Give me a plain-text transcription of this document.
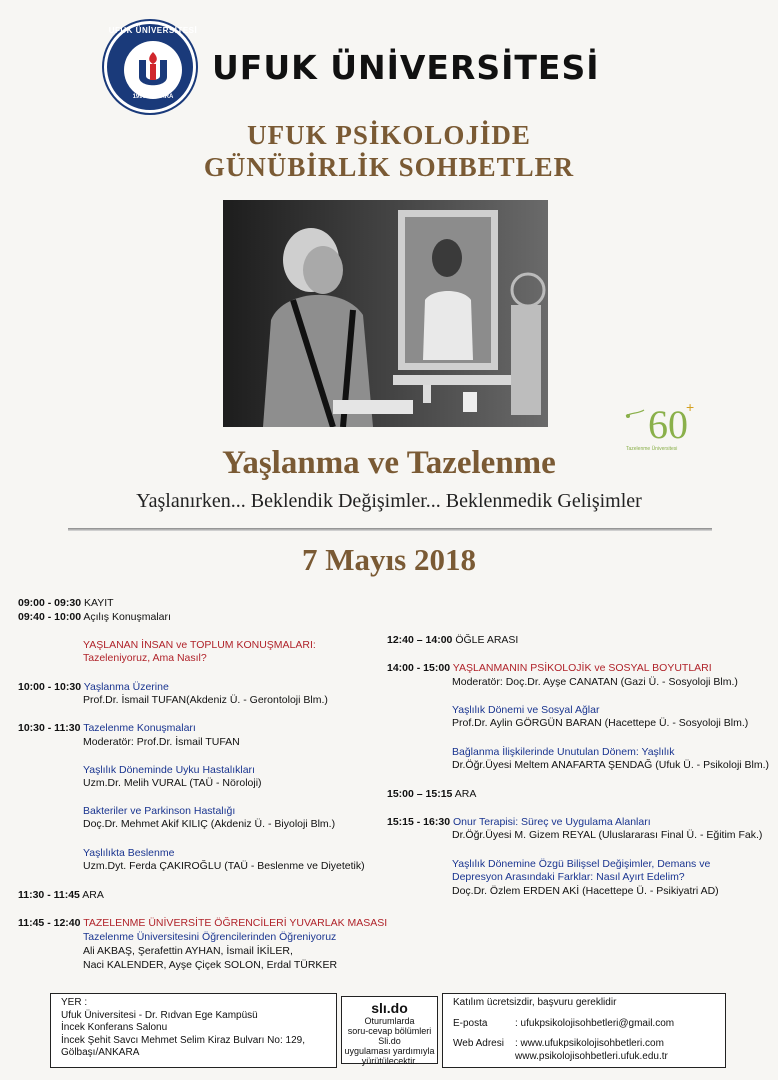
UFUK ÜNİVERSİTESİ
1999 ANKARA
UFUK ÜNİVERSİTESİ
UFUK PSİKOLOJİDE
GÜNÜBİRLİK SOHBETLER
60
+
Tazelenme Üniversitesi
Yaşlanma ve Tazelenme
Yaşlanırken... Beklendik Değişimler... Beklenmedik Gelişimler
7 Mayıs 2018
09:00 - 09:30 KAYIT
09:40 - 10:00 Açılış Konuşmaları
YAŞLANAN İNSAN ve TOPLUM KONUŞMALARI:
Tazeleniyoruz, Ama Nasıl?
10:00 - 10:30 Yaşlanma Üzerine
Prof.Dr. İsmail TUFAN(Akdeniz Ü. - Gerontoloji Blm.)
10:30 - 11:30 Tazelenme Konuşmaları
Moderatör: Prof.Dr. İsmail TUFAN
Yaşlılık Döneminde Uyku Hastalıkları
Uzm.Dr. Melih VURAL (TAÜ - Nöroloji)
Bakteriler ve Parkinson Hastalığı
Doç.Dr. Mehmet Akif KILIÇ (Akdeniz Ü. - Biyoloji Blm.)
Yaşlılıkta Beslenme
Uzm.Dyt. Ferda ÇAKIROĞLU (TAÜ - Beslenme ve Diyetetik)
11:30 - 11:45 ARA
11:45 - 12:40 TAZELENME ÜNİVERSİTE ÖĞRENCİLERİ YUVARLAK MASASI
Tazelenme Üniversitesini Öğrencilerinden Öğreniyoruz
Ali AKBAŞ, Şerafettin AYHAN, İsmail İKİLER,
Naci KALENDER, Ayşe Çiçek SOLON, Erdal TÜRKER
12:40 – 14:00 ÖĞLE ARASI
14:00 - 15:00 YAŞLANMANIN PSİKOLOJİK ve SOSYAL BOYUTLARI
Moderatör: Doç.Dr. Ayşe CANATAN (Gazi Ü. - Sosyoloji Blm.)
Yaşlılık Dönemi ve Sosyal Ağlar
Prof.Dr. Aylin GÖRGÜN BARAN (Hacettepe Ü. - Sosyoloji Blm.)
Bağlanma İlişkilerinde Unutulan Dönem: Yaşlılık
Dr.Öğr.Üyesi Meltem ANAFARTA ŞENDAĞ (Ufuk Ü. - Psikoloji Blm.)
15:00 – 15:15 ARA
15:15 - 16:30 Onur Terapisi: Süreç ve Uygulama Alanları
Dr.Öğr.Üyesi M. Gizem REYAL (Uluslararası Final Ü. - Eğitim Fak.)
Yaşlılık Dönemine Özgü Bilişsel Değişimler, Demans ve
Depresyon Arasındaki Farklar: Nasıl Ayırt Edelim?
Doç.Dr. Özlem ERDEN AKİ (Hacettepe Ü. - Psikiyatri AD)
YER :
Ufuk Üniversitesi - Dr. Rıdvan Ege Kampüsü
İncek Konferans Salonu
İncek Şehit Savcı Mehmet Selim Kiraz Bulvarı No: 129,
Gölbaşı/ANKARA
slı.do
Oturumlarda
soru-cevap bölümleri
Sli.do
uygulaması yardımıyla
yürütülecektir.
Katılım ücretsizdir, başvuru gereklidir
E-posta	: ufukpsikolojisohbetleri@gmail.com
Web Adresi	: www.ufukpsikolojisohbetleri.com
www.psikolojisohbetleri.ufuk.edu.tr
